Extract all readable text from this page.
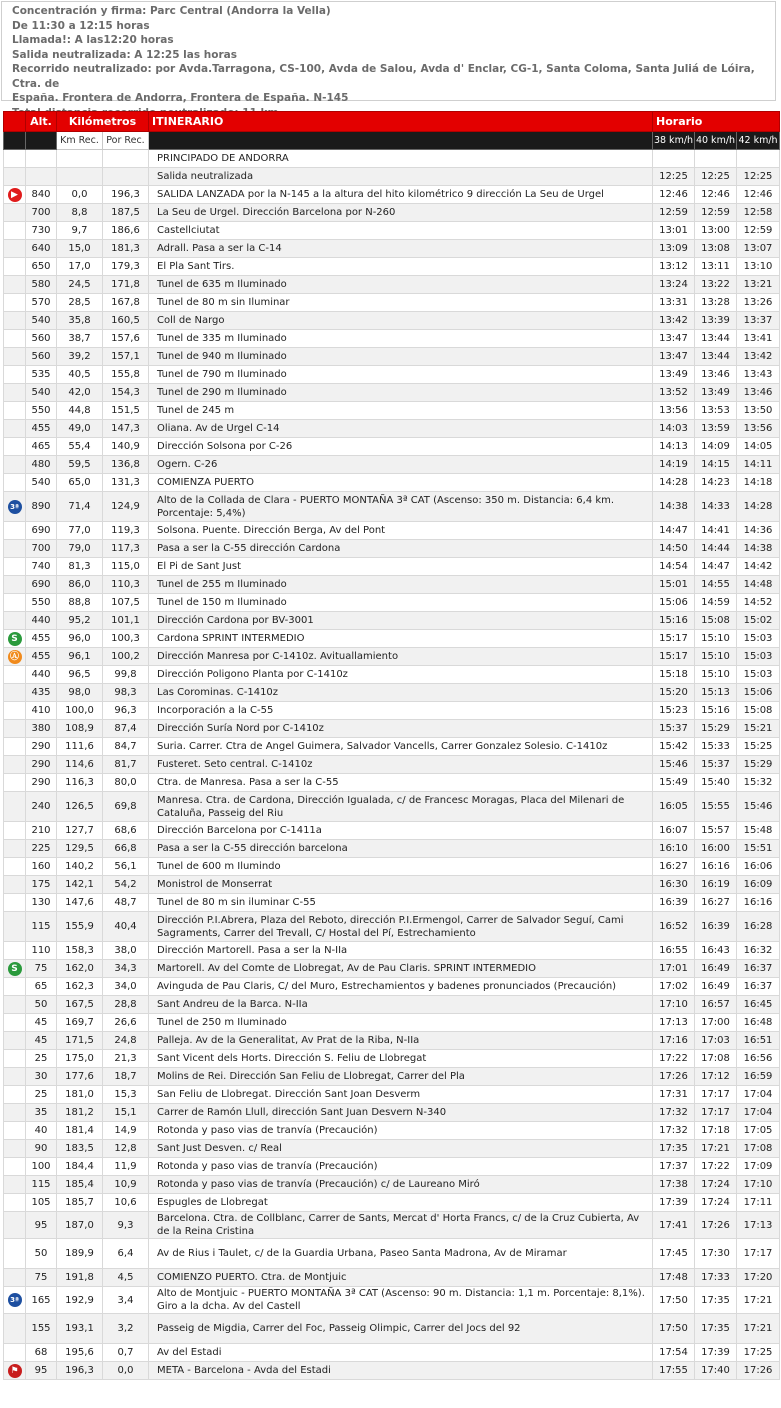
Concentración y firma: Parc Central (Andorra la Vella)
De 11:30 a 12:15 horas
Llamada!: A las12:20 horas
Salida neutralizada: A 12:25 las horas
Recorrido neutralizado: por Avda.Tarragona, CS-100, Avda de Salou, Avda d' Enclar, CG-1, Santa Coloma, Santa Juliá de Lóira, Ctra. de
España. Frontera de Andorra, Frontera de España. N-145
	Alt.	Kilómetros		ITINERARIO	Horario		
		Km Rec.	Por Rec.		38 km/h	40 km/h	42 km/h
				PRINCIPADO DE ANDORRA			
				Salida neutralizada	12:25	12:25	12:25
▶	840	0,0	196,3	SALIDA LANZADA por la N-145 a la altura del hito kilométrico 9 dirección La Seu de Urgel	12:46	12:46	12:46
	700	8,8	187,5	La Seu de Urgel. Dirección Barcelona por N-260	12:59	12:59	12:58
	730	9,7	186,6	Castellciutat	13:01	13:00	12:59
	640	15,0	181,3	Adrall. Pasa a ser la C-14	13:09	13:08	13:07
	650	17,0	179,3	El Pla Sant Tirs.	13:12	13:11	13:10
	580	24,5	171,8	Tunel de 635 m Iluminado	13:24	13:22	13:21
	570	28,5	167,8	Tunel de 80 m sin Iluminar	13:31	13:28	13:26
	540	35,8	160,5	Coll de Nargo	13:42	13:39	13:37
	560	38,7	157,6	Tunel de 335 m Iluminado	13:47	13:44	13:41
	560	39,2	157,1	Tunel de 940 m Iluminado	13:47	13:44	13:42
	535	40,5	155,8	Tunel de 790 m Iluminado	13:49	13:46	13:43
	540	42,0	154,3	Tunel de 290 m Iluminado	13:52	13:49	13:46
	550	44,8	151,5	Tunel de 245 m	13:56	13:53	13:50
	455	49,0	147,3	Oliana. Av de Urgel C-14	14:03	13:59	13:56
	465	55,4	140,9	Dirección Solsona por C-26	14:13	14:09	14:05
	480	59,5	136,8	Ogern. C-26	14:19	14:15	14:11
	540	65,0	131,3	COMIENZA PUERTO	14:28	14:23	14:18
3ª	890	71,4	124,9	Alto de la Collada de Clara - PUERTO MONTAÑA 3ª CAT (Ascenso: 350 m. Distancia: 6,4 km. Porcentaje: 5,4%)	14:38	14:33	14:28
	690	77,0	119,3	Solsona. Puente. Dirección Berga, Av del Pont	14:47	14:41	14:36
	700	79,0	117,3	Pasa a ser la C-55 dirección Cardona	14:50	14:44	14:38
	740	81,3	115,0	El Pi de Sant Just	14:54	14:47	14:42
	690	86,0	110,3	Tunel de 255 m Iluminado	15:01	14:55	14:48
	550	88,8	107,5	Tunel de 150 m Iluminado	15:06	14:59	14:52
	440	95,2	101,1	Dirección Cardona por BV-3001	15:16	15:08	15:02
S	455	96,0	100,3	Cardona SPRINT INTERMEDIO	15:17	15:10	15:03
Ⓐ	455	96,1	100,2	Dirección Manresa por C-1410z. Avituallamiento	15:17	15:10	15:03
	440	96,5	99,8	Dirección Poligono Planta por C-1410z	15:18	15:10	15:03
	435	98,0	98,3	Las Corominas. C-1410z	15:20	15:13	15:06
	410	100,0	96,3	Incorporación a la C-55	15:23	15:16	15:08
	380	108,9	87,4	Dirección Suría Nord por C-1410z	15:37	15:29	15:21
	290	111,6	84,7	Suria. Carrer. Ctra de Angel Guimera, Salvador Vancells, Carrer Gonzalez Solesio. C-1410z	15:42	15:33	15:25
	290	114,6	81,7	Fusteret. Seto central. C-1410z	15:46	15:37	15:29
	290	116,3	80,0	Ctra. de Manresa. Pasa a ser la C-55	15:49	15:40	15:32
	240	126,5	69,8	Manresa. Ctra. de Cardona, Dirección Igualada, c/ de Francesc Moragas, Placa del Milenari de Cataluña, Passeig del Riu	16:05	15:55	15:46
	210	127,7	68,6	Dirección Barcelona por C-1411a	16:07	15:57	15:48
	225	129,5	66,8	Pasa a ser la C-55 dirección barcelona	16:10	16:00	15:51
	160	140,2	56,1	Tunel de 600 m Ilumindo	16:27	16:16	16:06
	175	142,1	54,2	Monistrol de Monserrat	16:30	16:19	16:09
	130	147,6	48,7	Tunel de 80 m sin iluminar C-55	16:39	16:27	16:16
	115	155,9	40,4	Dirección P.I.Abrera, Plaza del Reboto, dirección P.I.Ermengol, Carrer de Salvador Seguí, Cami Sagraments, Carrer del Trevall, C/ Hostal del Pí, Estrechamiento	16:52	16:39	16:28
	110	158,3	38,0	Dirección Martorell. Pasa a ser la N-IIa	16:55	16:43	16:32
S	75	162,0	34,3	Martorell. Av del Comte de Llobregat, Av de Pau Claris. SPRINT INTERMEDIO	17:01	16:49	16:37
	65	162,3	34,0	Avinguda de Pau Claris, C/ del Muro, Estrechamientos y badenes pronunciados (Precaución)	17:02	16:49	16:37
	50	167,5	28,8	Sant Andreu de la Barca. N-IIa	17:10	16:57	16:45
	45	169,7	26,6	Tunel de 250 m Iluminado	17:13	17:00	16:48
	45	171,5	24,8	Palleja. Av de la Generalitat, Av Prat de la Riba, N-IIa	17:16	17:03	16:51
	25	175,0	21,3	Sant Vicent dels Horts. Dirección S. Feliu de Llobregat	17:22	17:08	16:56
	30	177,6	18,7	Molins de Rei. Dirección San Feliu de Llobregat, Carrer del Pla	17:26	17:12	16:59
	25	181,0	15,3	San Feliu de Llobregat. Dirección Sant Joan Desverm	17:31	17:17	17:04
	35	181,2	15,1	Carrer de Ramón Llull, dirección Sant Juan Desvern N-340	17:32	17:17	17:04
	40	181,4	14,9	Rotonda y paso vias de tranvía (Precaución)	17:32	17:18	17:05
	90	183,5	12,8	Sant Just Desven. c/ Real	17:35	17:21	17:08
	100	184,4	11,9	Rotonda y paso vias de tranvía (Precaución)	17:37	17:22	17:09
	115	185,4	10,9	Rotonda y paso vias de tranvía (Precaución) c/ de Laureano Miró	17:38	17:24	17:10
	105	185,7	10,6	Espugles de Llobregat	17:39	17:24	17:11
	95	187,0	9,3	Barcelona. Ctra. de Collblanc, Carrer de Sants, Mercat d' Horta Francs, c/ de la Cruz Cubierta, Av de la Reina Cristina	17:41	17:26	17:13
	50	189,9	6,4	Av de Rius i Taulet, c/ de la Guardia Urbana, Paseo Santa Madrona, Av de Miramar	17:45	17:30	17:17
	75	191,8	4,5	COMIENZO PUERTO. Ctra. de Montjuic	17:48	17:33	17:20
3ª	165	192,9	3,4	Alto de Montjuic - PUERTO MONTAÑA 3ª CAT (Ascenso: 90 m. Distancia: 1,1 m. Porcentaje: 8,1%). Giro a la dcha. Av del Castell	17:50	17:35	17:21
	155	193,1	3,2	Passeig de Migdia, Carrer del Foc, Passeig Olimpic, Carrer del Jocs del 92	17:50	17:35	17:21
	68	195,6	0,7	Av del Estadi	17:54	17:39	17:25
⚑	95	196,3	0,0	META - Barcelona - Avda del Estadi	17:55	17:40	17:26
